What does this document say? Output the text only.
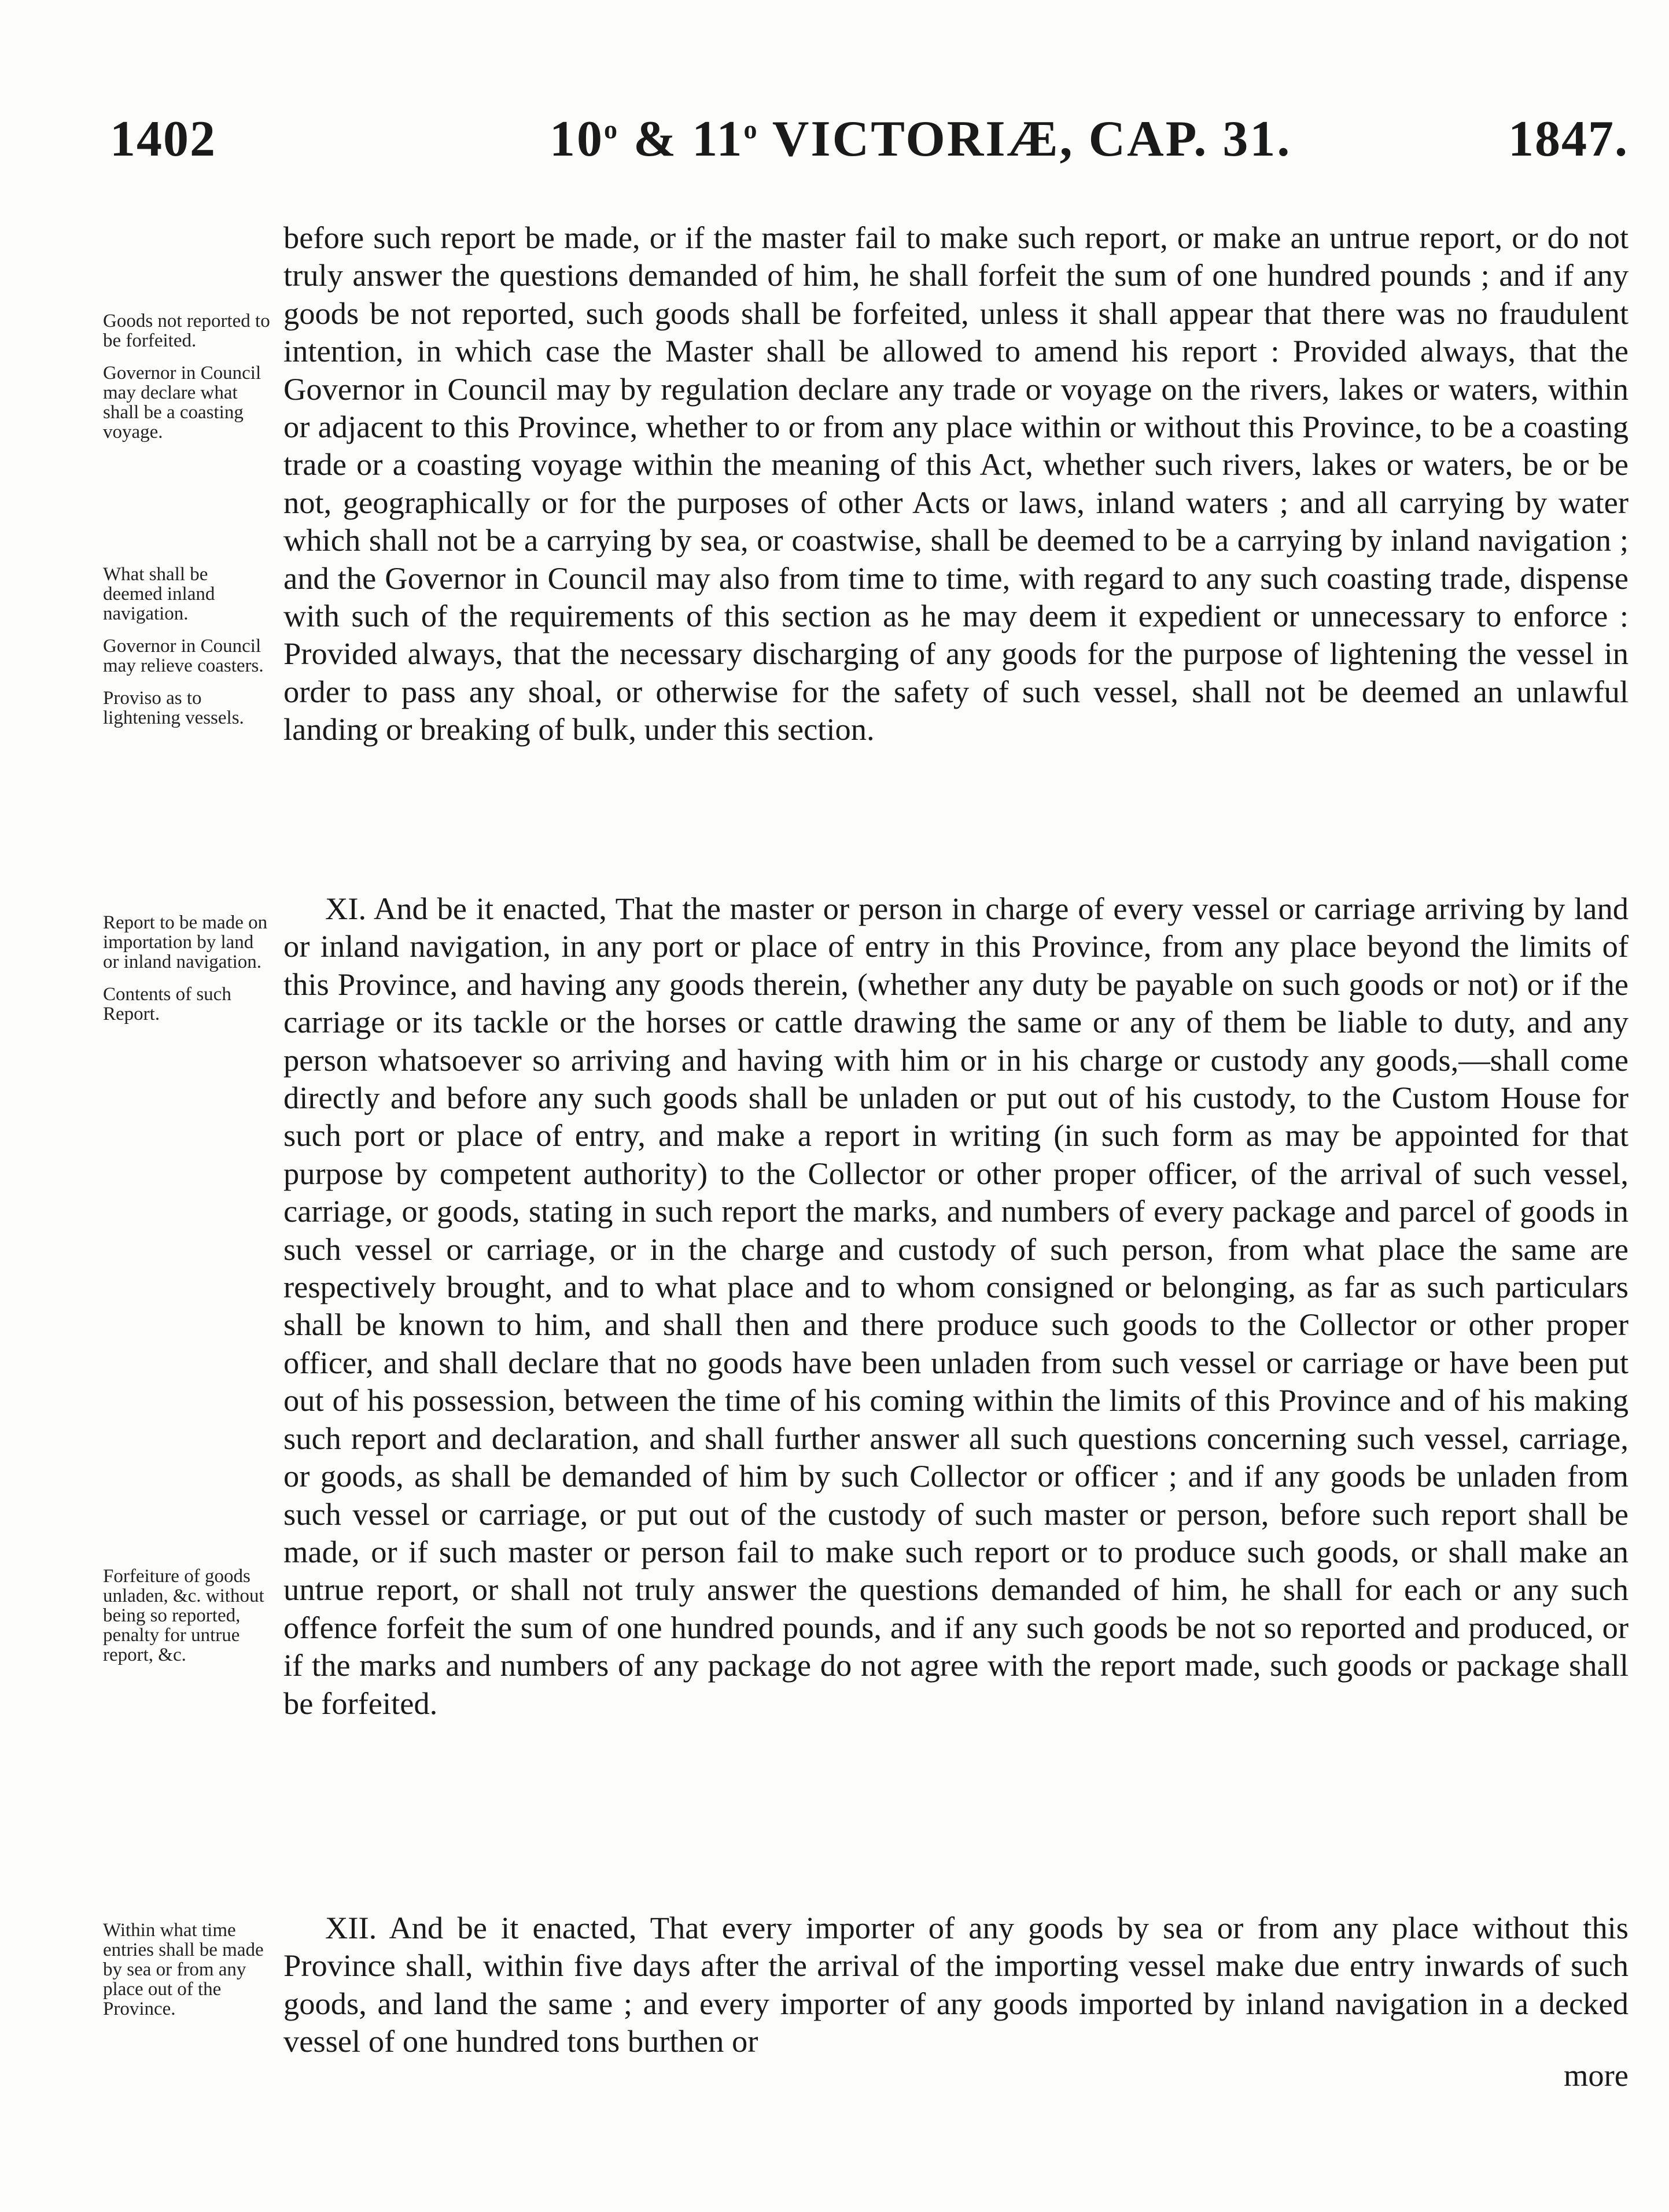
1402	10$^o$ & 11$^o$ VICTORIÆ, CAP. 31.	1847.

Goods not reported to be forfeited.

Governor in Council may declare what shall be a coasting voyage.

What shall be deemed inland navigation.

Governor in Council may relieve coasters.

Proviso as to lightening vessels.

Report to be made on importation by land or inland navigation.

Contents of such Report.

Forfeiture of goods unladen, &c. without being so reported, penalty for untrue report, &c.

Within what time entries shall be made by sea or from any place out of the Province.

before such report be made, or if the master fail to make such report, or make an untrue report, or do not truly answer the questions demanded of him, he shall forfeit the sum of one hundred pounds ; and if any goods be not reported, such goods shall be forfeited, unless it shall appear that there was no fraudulent intention, in which case the Master shall be allowed to amend his report : Provided always, that the Governor in Council may by regulation declare any trade or voyage on the rivers, lakes or waters, within or adjacent to this Province, whether to or from any place within or without this Province, to be a coasting trade or a coasting voyage within the meaning of this Act, whether such rivers, lakes or waters, be or be not, geographically or for the purposes of other Acts or laws, inland waters ; and all carrying by water which shall not be a carrying by sea, or coastwise, shall be deemed to be a carrying by inland navigation ; and the Governor in Council may also from time to time, with regard to any such coasting trade, dispense with such of the requirements of this section as he may deem it expedient or unnecessary to enforce : Provided always, that the necessary discharging of any goods for the purpose of lightening the vessel in order to pass any shoal, or otherwise for the safety of such vessel, shall not be deemed an unlawful landing or breaking of bulk, under this section.

XI. And be it enacted, That the master or person in charge of every vessel or carriage arriving by land or inland navigation, in any port or place of entry in this Province, from any place beyond the limits of this Province, and having any goods therein, (whether any duty be payable on such goods or not) or if the carriage or its tackle or the horses or cattle drawing the same or any of them be liable to duty, and any person whatsoever so arriving and having with him or in his charge or custody any goods,—shall come directly and before any such goods shall be unladen or put out of his custody, to the Custom House for such port or place of entry, and make a report in writing (in such form as may be appointed for that purpose by competent authority) to the Collector or other proper officer, of the arrival of such vessel, carriage, or goods, stating in such report the marks, and numbers of every package and parcel of goods in such vessel or carriage, or in the charge and custody of such person, from what place the same are respectively brought, and to what place and to whom consigned or belonging, as far as such particulars shall be known to him, and shall then and there produce such goods to the Collector or other proper officer, and shall declare that no goods have been unladen from such vessel or carriage or have been put out of his possession, between the time of his coming within the limits of this Province and of his making such report and declaration, and shall further answer all such questions concerning such vessel, carriage, or goods, as shall be demanded of him by such Collector or officer ; and if any goods be unladen from such vessel or carriage, or put out of the custody of such master or person, before such report shall be made, or if such master or person fail to make such report or to produce such goods, or shall make an untrue report, or shall not truly answer the questions demanded of him, he shall for each or any such offence forfeit the sum of one hundred pounds, and if any such goods be not so reported and produced, or if the marks and numbers of any package do not agree with the report made, such goods or package shall be forfeited.

XII. And be it enacted, That every importer of any goods by sea or from any place without this Province shall, within five days after the arrival of the importing vessel make due entry inwards of such goods, and land the same ; and every importer of any goods imported by inland navigation in a decked vessel of one hundred tons burthen or

more
